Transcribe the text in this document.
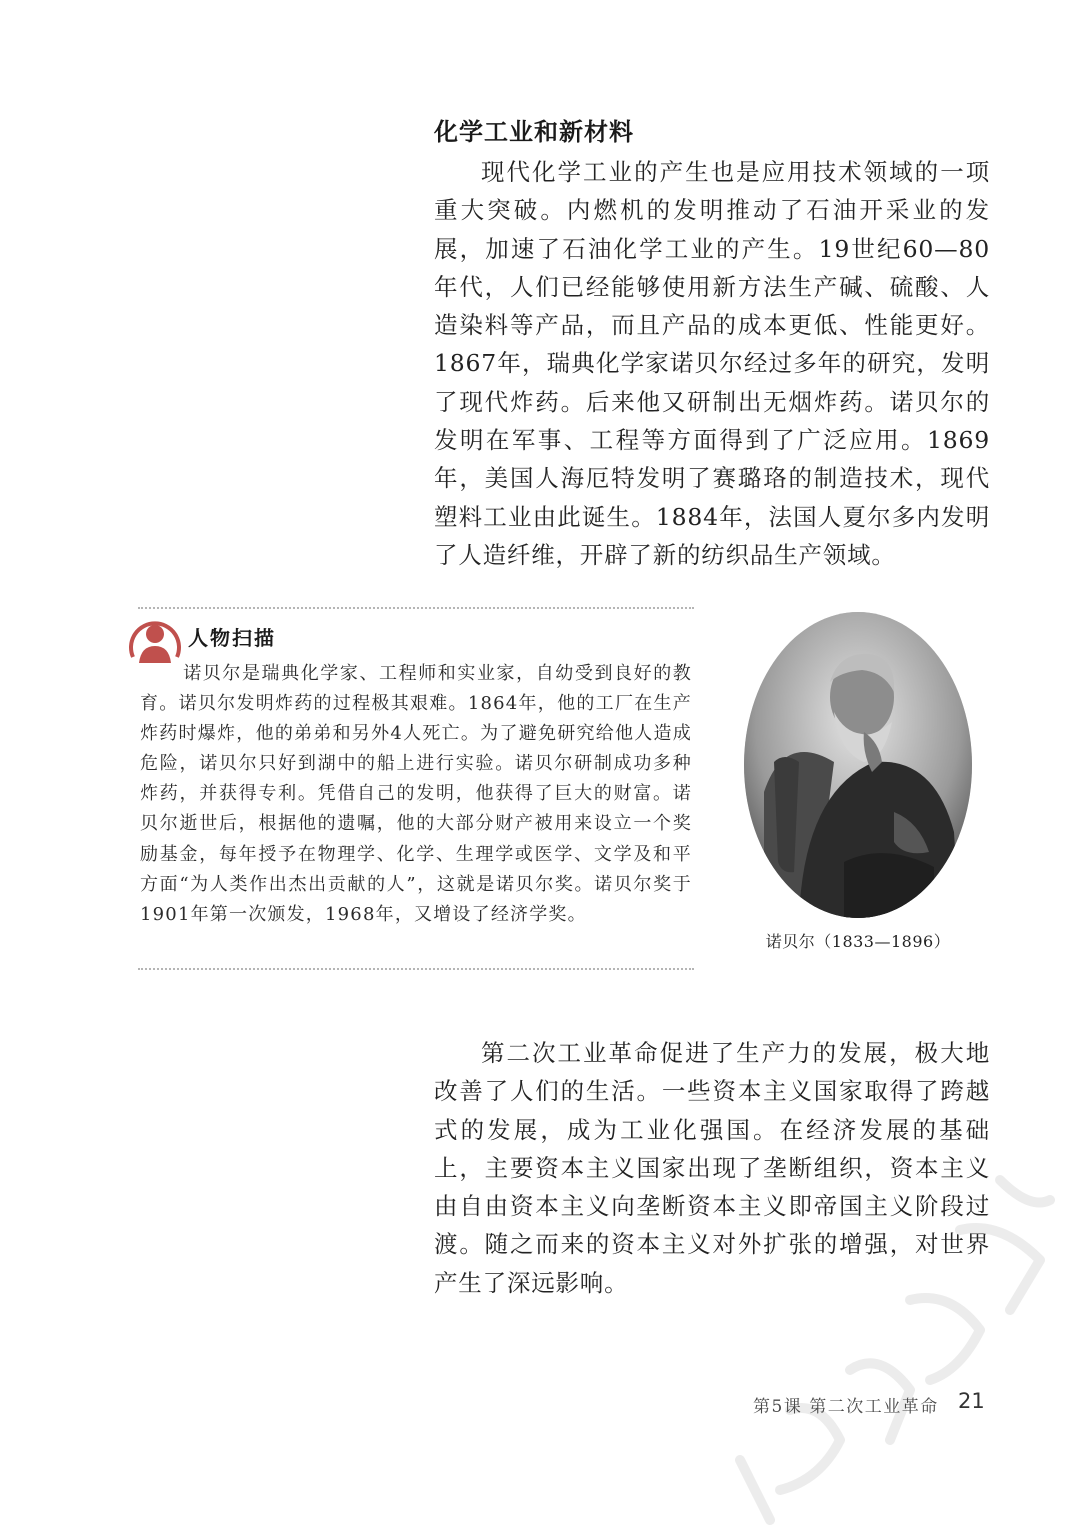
化学工业和新材料

现代化学工业的产生也是应用技术领域的一项重大突破。内燃机的发明推动了石油开采业的发展，加速了石油化学工业的产生。19世纪60—80年代，人们已经能够使用新方法生产碱、硫酸、人造染料等产品，而且产品的成本更低、性能更好。1867年，瑞典化学家诺贝尔经过多年的研究，发明了现代炸药。后来他又研制出无烟炸药。诺贝尔的发明在军事、工程等方面得到了广泛应用。1869年，美国人海厄特发明了赛璐珞的制造技术，现代塑料工业由此诞生。1884年，法国人夏尔多内发明了人造纤维，开辟了新的纺织品生产领域。

人物扫描

诺贝尔是瑞典化学家、工程师和实业家，自幼受到良好的教育。诺贝尔发明炸药的过程极其艰难。1864年，他的工厂在生产炸药时爆炸，他的弟弟和另外4人死亡。为了避免研究给他人造成危险，诺贝尔只好到湖中的船上进行实验。诺贝尔研制成功多种炸药，并获得专利。凭借自己的发明，他获得了巨大的财富。诺贝尔逝世后，根据他的遗嘱，他的大部分财产被用来设立一个奖励基金，每年授予在物理学、化学、生理学或医学、文学及和平方面“为人类作出杰出贡献的人”，这就是诺贝尔奖。诺贝尔奖于1901年第一次颁发，1968年，又增设了经济学奖。

诺贝尔（1833—1896）

第二次工业革命促进了生产力的发展，极大地改善了人们的生活。一些资本主义国家取得了跨越式的发展，成为工业化强国。在经济发展的基础上，主要资本主义国家出现了垄断组织，资本主义由自由资本主义向垄断资本主义即帝国主义阶段过渡。随之而来的资本主义对外扩张的增强，对世界产生了深远影响。

第5课 第二次工业革命 21
